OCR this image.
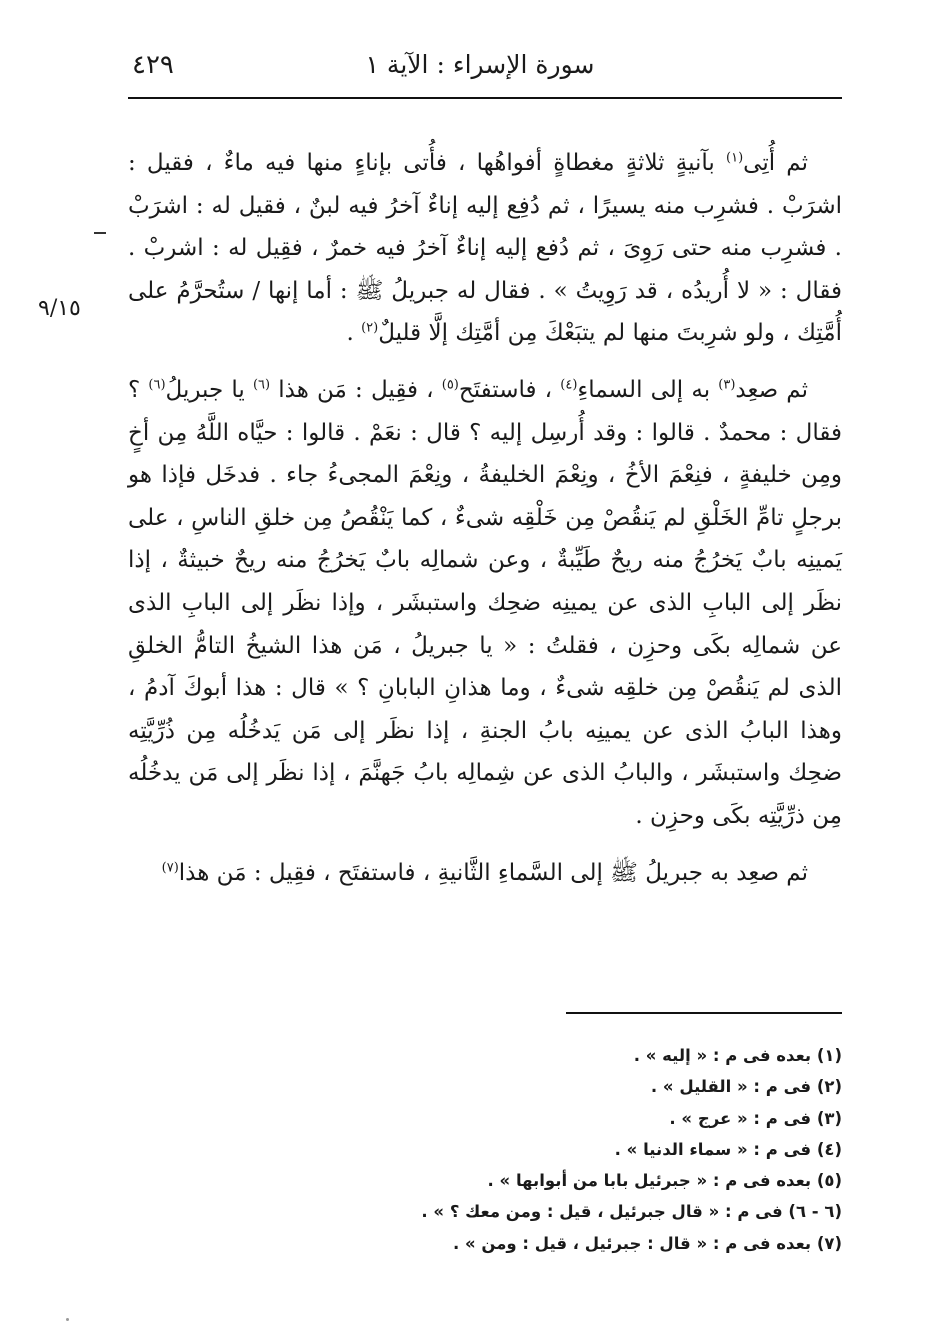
٤٢٩	سورة الإسراء : الآية ١
٩/١٥

ثم أُتِى$^{(١)}$ بآنيةٍ ثلاثةٍ مغطاةٍ أفواهُها ، فأُتى بإناءٍ منها فيه ماءٌ ، فقيل : اشرَبْ . فشرِب منه يسيرًا ، ثم دُفِع إليه إناءٌ آخرُ فيه لبنٌ ، فقيل له : اشرَبْ . فشرِب منه حتى رَوِىَ ، ثم دُفع إليه إناءٌ آخرُ فيه خمرٌ ، فقِيل له : اشربْ . فقال : « لا أُريدُه ، قد رَوِيتُ » . فقال له جبريلُ ﷺ : أما إنها / ستُحرَّمُ على أُمَّتِك ، ولو شرِبتَ منها لم يتبَعْكَ مِن أمَّتِك إلَّا قليلٌ$^{(٢)}$ .

ثم صعِد$^{(٣)}$ به إلى السماءِ$^{(٤)}$ ، فاستفتَح$^{(٥)}$ ، فقِيل : مَن هذا $^{(٦)}$ يا جبريلُ$^{(٦)}$ ؟ فقال : محمدٌ . قالوا : وقد أُرسِل إليه ؟ قال : نعَمْ . قالوا : حيَّاه اللَّهُ مِن أخٍ ومِن خليفةٍ ، فنِعْمَ الأخُ ، ونِعْمَ الخليفةُ ، ونِعْمَ المجىءُ جاء . فدخَل فإذا هو برجلٍ تامِّ الخَلْقِ لم يَنقُصْ مِن خَلْقِه شىءٌ ، كما يَنْقُصُ مِن خلقِ الناسِ ، على يَمينِه بابٌ يَخرُجُ منه ريحٌ طَيِّبةٌ ، وعن شمالِه بابٌ يَخرُجُ منه ريحٌ خبيثةٌ ، إذا نظَر إلى البابِ الذى عن يمينِه ضحِك واستبشَر ، وإذا نظَر إلى البابِ الذى عن شمالِه بكَى وحزِن ، فقلتُ : « يا جبريلُ ، مَن هذا الشيخُ التامُّ الخلقِ الذى لم يَنقُصْ مِن خلقِه شىءٌ ، وما هذانِ البابانِ ؟ » قال : هذا أبوكَ آدمُ ، وهذا البابُ الذى عن يمينِه بابُ الجنةِ ، إذا نظَر إلى مَن يَدخُلُه مِن ذُرِّيَّتِه ضحِك واستبشَر ، والبابُ الذى عن شِمالِه بابُ جَهنَّمَ ، إذا نظَر إلى مَن يدخُلُه مِن ذرِّيَّتِه بكَى وحزِن .

ثم صعِد به جبريلُ ﷺ إلى السَّماءِ الثَّانيةِ ، فاستفتَح ، فقِيل : مَن هذا$^{(٧)}$

(١) بعده فى م : « إليه » .
(٢) فى م : « القليل » .
(٣) فى م : « عرج » .
(٤) فى م : « سماء الدنيا » .
(٥) بعده فى م : « جبرئيل بابا من أبوابها » .
(٦ - ٦) فى م : « قال جبرئيل ، قيل : ومن معك ؟ » .
(٧) بعده فى م : « قال : جبرئيل ، قيل : ومن » .
